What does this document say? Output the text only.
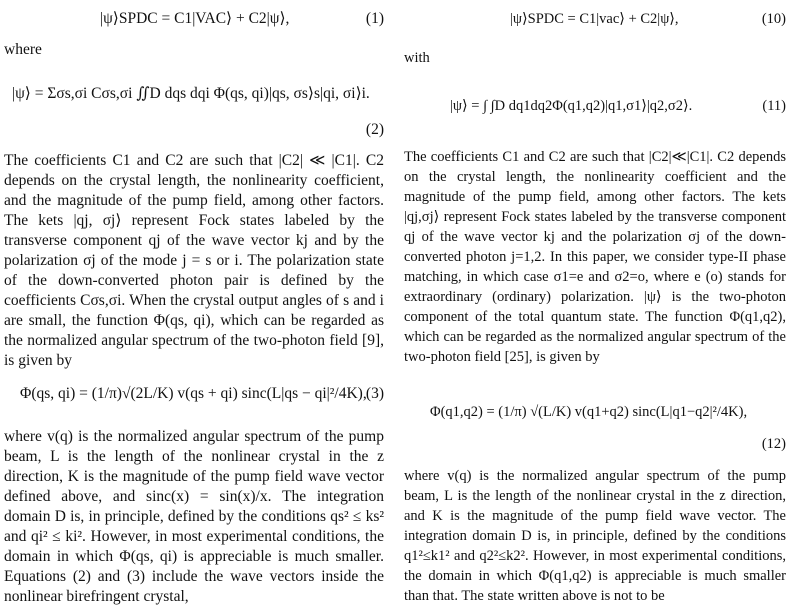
|ψ⟩SPDC = C1|VAC⟩ + C2|ψ⟩,	(1)

where

|ψ⟩ = Σσs,σi Cσs,σi ∬D dqs dqi Φ(qs, qi)|qs, σs⟩s|qi, σi⟩i.
(2)

The coefficients C1 and C2 are such that |C2| ≪ |C1|. C2 depends on the crystal length, the nonlinearity coefficient, and the magnitude of the pump field, among other factors. The kets |qj, σj⟩ represent Fock states labeled by the transverse component qj of the wave vector kj and by the polarization σj of the mode j = s or i. The polarization state of the down-converted photon pair is defined by the coefficients Cσs,σi. When the crystal output angles of s and i are small, the function Φ(qs, qi), which can be regarded as the normalized angular spectrum of the two-photon field [9], is given by

Φ(qs, qi) = (1/π)√(2L/K) v(qs + qi) sinc(L|qs − qi|²/4K), (3)

where v(q) is the normalized angular spectrum of the pump beam, L is the length of the nonlinear crystal in the z direction, K is the magnitude of the pump field wave vector defined above, and sinc(x) = sin(x)/x. The integration domain D is, in principle, defined by the conditions qs² ≤ ks² and qi² ≤ ki². However, in most experimental conditions, the domain in which Φ(qs, qi) is appreciable is much smaller. Equations (2) and (3) include the wave vectors inside the nonlinear birefringent crystal,

|ψ⟩SPDC = C1|vac⟩ + C2|ψ⟩,	(10)

with

|ψ⟩ = ∫ ∫D dq1dq2Φ(q1,q2)|q1,σ1⟩|q2,σ2⟩.	(11)

The coefficients C1 and C2 are such that |C2|≪|C1|. C2 depends on the crystal length, the nonlinearity coefficient and the magnitude of the pump field, among other factors. The kets |qj,σj⟩ represent Fock states labeled by the transverse component qj of the wave vector kj and the polarization σj of the down-converted photon j=1,2. In this paper, we consider type-II phase matching, in which case σ1=e and σ2=o, where e (o) stands for extraordinary (ordinary) polarization. |ψ⟩ is the two-photon component of the total quantum state. The function Φ(q1,q2), which can be regarded as the normalized angular spectrum of the two-photon field [25], is given by

Φ(q1,q2) = (1/π) √(L/K) v(q1+q2) sinc(L|q1−q2|²/4K),
(12)

where v(q) is the normalized angular spectrum of the pump beam, L is the length of the nonlinear crystal in the z direction, and K is the magnitude of the pump field wave vector. The integration domain D is, in principle, defined by the conditions q1²≤k1² and q2²≤k2². However, in most experimental conditions, the domain in which Φ(q1,q2) is appreciable is much smaller than that. The state written above is not to be
